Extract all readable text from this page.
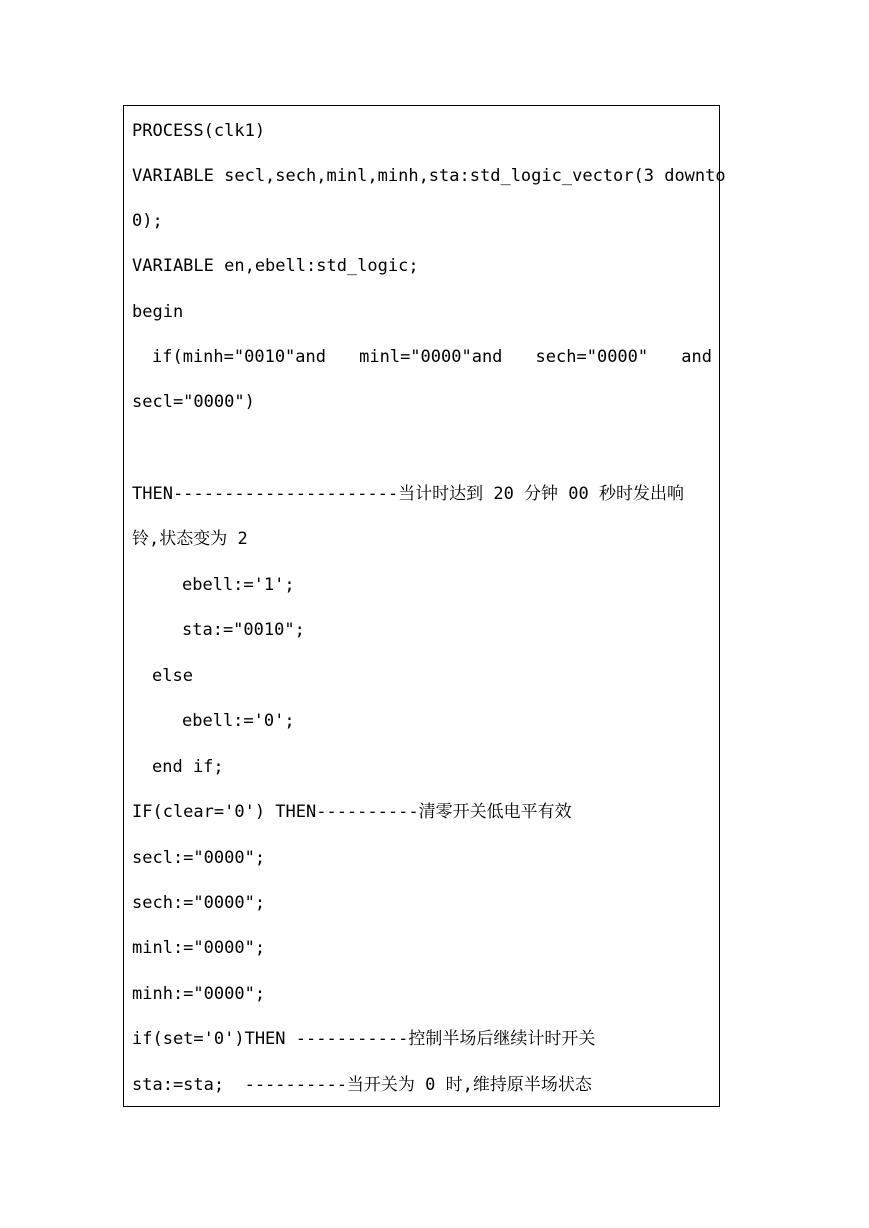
PROCESS(clk1)
VARIABLE secl,sech,minl,minh,sta:std_logic_vector(3 downto
0);
VARIABLE en,ebell:std_logic;
begin
if(minh="0010"and minl="0000"and sech="0000" and
secl="0000")
THEN----------------------当计时达到 20 分钟 00 秒时发出响
铃,状态变为 2
ebell:='1';
sta:="0010";
else
ebell:='0';
end if;
IF(clear='0') THEN----------清零开关低电平有效
secl:="0000";
sech:="0000";
minl:="0000";
minh:="0000";
if(set='0')THEN -----------控制半场后继续计时开关
sta:=sta;  ----------当开关为 0 时,维持原半场状态
